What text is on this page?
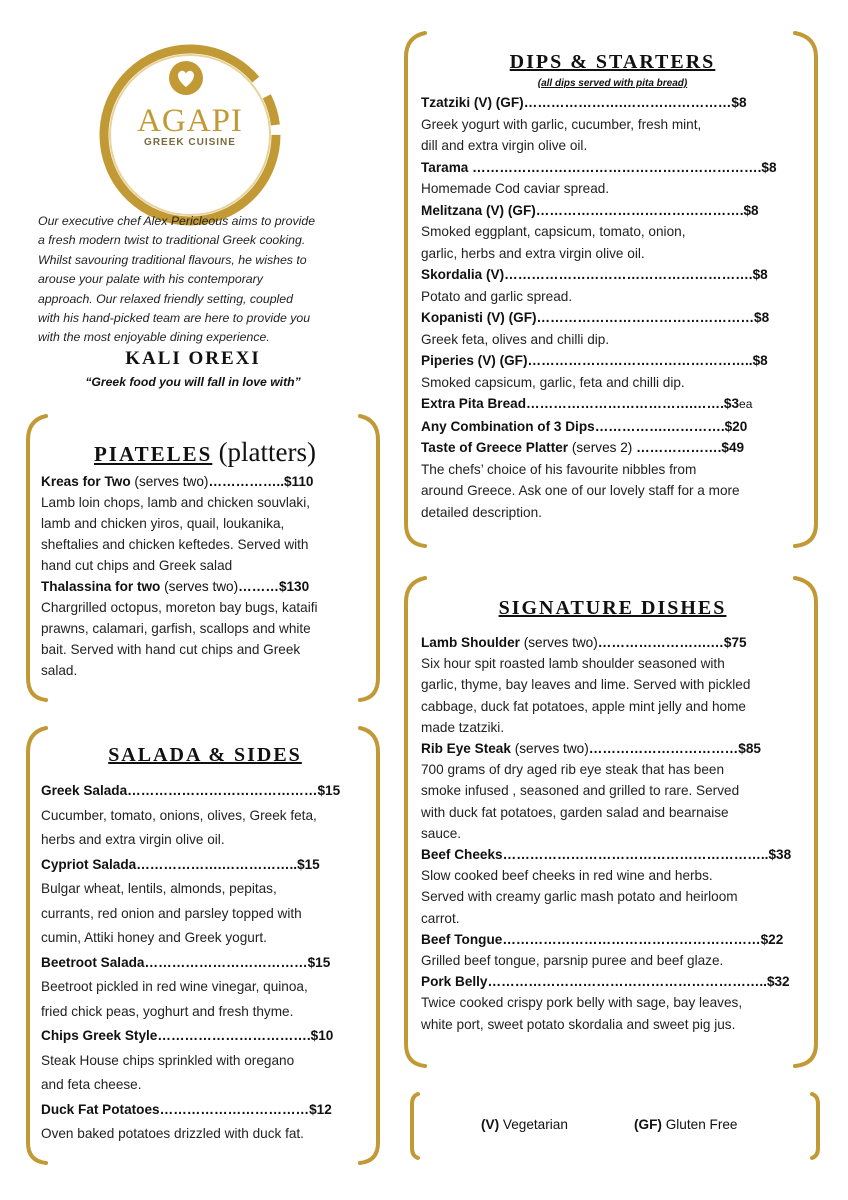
AGAPI
GREEK CUISINE
Our executive chef Alex Pericleous aims to provide
a fresh modern twist to traditional Greek cooking.
Whilst savouring traditional flavours, he wishes to
arouse your palate with his contemporary
approach. Our relaxed friendly setting, coupled
with his hand-picked team are here to provide you
with the most enjoyable dining experience.
KALI OREXI
“Greek food you will fall in love with”
PIATELES (platters)
Kreas for Two (serves two)……………..$110
Lamb loin chops, lamb and chicken souvlaki,
lamb and chicken yiros, quail, loukanika,
sheftalies and chicken keftedes. Served with
hand cut chips and Greek salad
Thalassina for two (serves two)………$130
Chargrilled octopus, moreton bay bugs, kataifi
prawns, calamari, garfish, scallops and white
bait. Served with hand cut chips and Greek
salad.
SALADA & SIDES
Greek Salada……………………………………$15
Cucumber, tomato, onions, olives, Greek feta,
herbs and extra virgin olive oil.
Cypriot Salada……………….……………..$15
Bulgar wheat, lentils, almonds, pepitas,
currants, red onion and parsley topped with
cumin, Attiki honey and Greek yogurt.
Beetroot Salada………………………………$15
Beetroot pickled in red wine vinegar, quinoa,
fried chick peas, yoghurt and fresh thyme.
Chips Greek Style…………………………….$10
Steak House chips sprinkled with oregano
and feta cheese.
Duck Fat Potatoes……………………………$12
Oven baked potatoes drizzled with duck fat.
DIPS & STARTERS
(all dips served with pita bread)
Tzatziki (V) (GF)………………….……………………$8
Greek yogurt with garlic, cucumber, fresh mint,
dill and extra virgin olive oil.
Tarama ……………………………………………………….$8
Homemade Cod caviar spread.
Melitzana (V) (GF)……………………………………….$8
Smoked eggplant, capsicum, tomato, onion,
garlic, herbs and extra virgin olive oil.
Skordalia (V)……………………………………………….$8
Potato and garlic spread.
Kopanisti (V) (GF)…………………………………………$8
Greek feta, olives and chilli dip.
Piperies (V) (GF)…………………………………………..$8
Smoked capsicum, garlic, feta and chilli dip.
Extra Pita Bread……………………………….…….$3ea
Any Combination of 3 Dips…………….………….$20
Taste of Greece Platter (serves 2) ……………….$49
The chefs’ choice of his favourite nibbles from
around Greece. Ask one of our lovely staff for a more
detailed description.
SIGNATURE DISHES
Lamb Shoulder (serves two)…………………….…$75
Six hour spit roasted lamb shoulder seasoned with
garlic, thyme, bay leaves and lime. Served with pickled
cabbage, duck fat potatoes, apple mint jelly and home
made tzatziki.
Rib Eye Steak (serves two)……………………………$85
700 grams of dry aged rib eye steak that has been
smoke infused , seasoned and grilled to rare. Served
with duck fat potatoes, garden salad and bearnaise
sauce.
Beef Cheeks…………………………………………………..$38
Slow cooked beef cheeks in red wine and herbs.
Served with creamy garlic mash potato and heirloom
carrot.
Beef Tongue…………………………………………………$22
Grilled beef tongue, parsnip puree and beef glaze.
Pork Belly……………………………………………………..$32
Twice cooked crispy pork belly with sage, bay leaves,
white port, sweet potato skordalia and sweet pig jus.
(V) Vegetarian	(GF) Gluten Free
